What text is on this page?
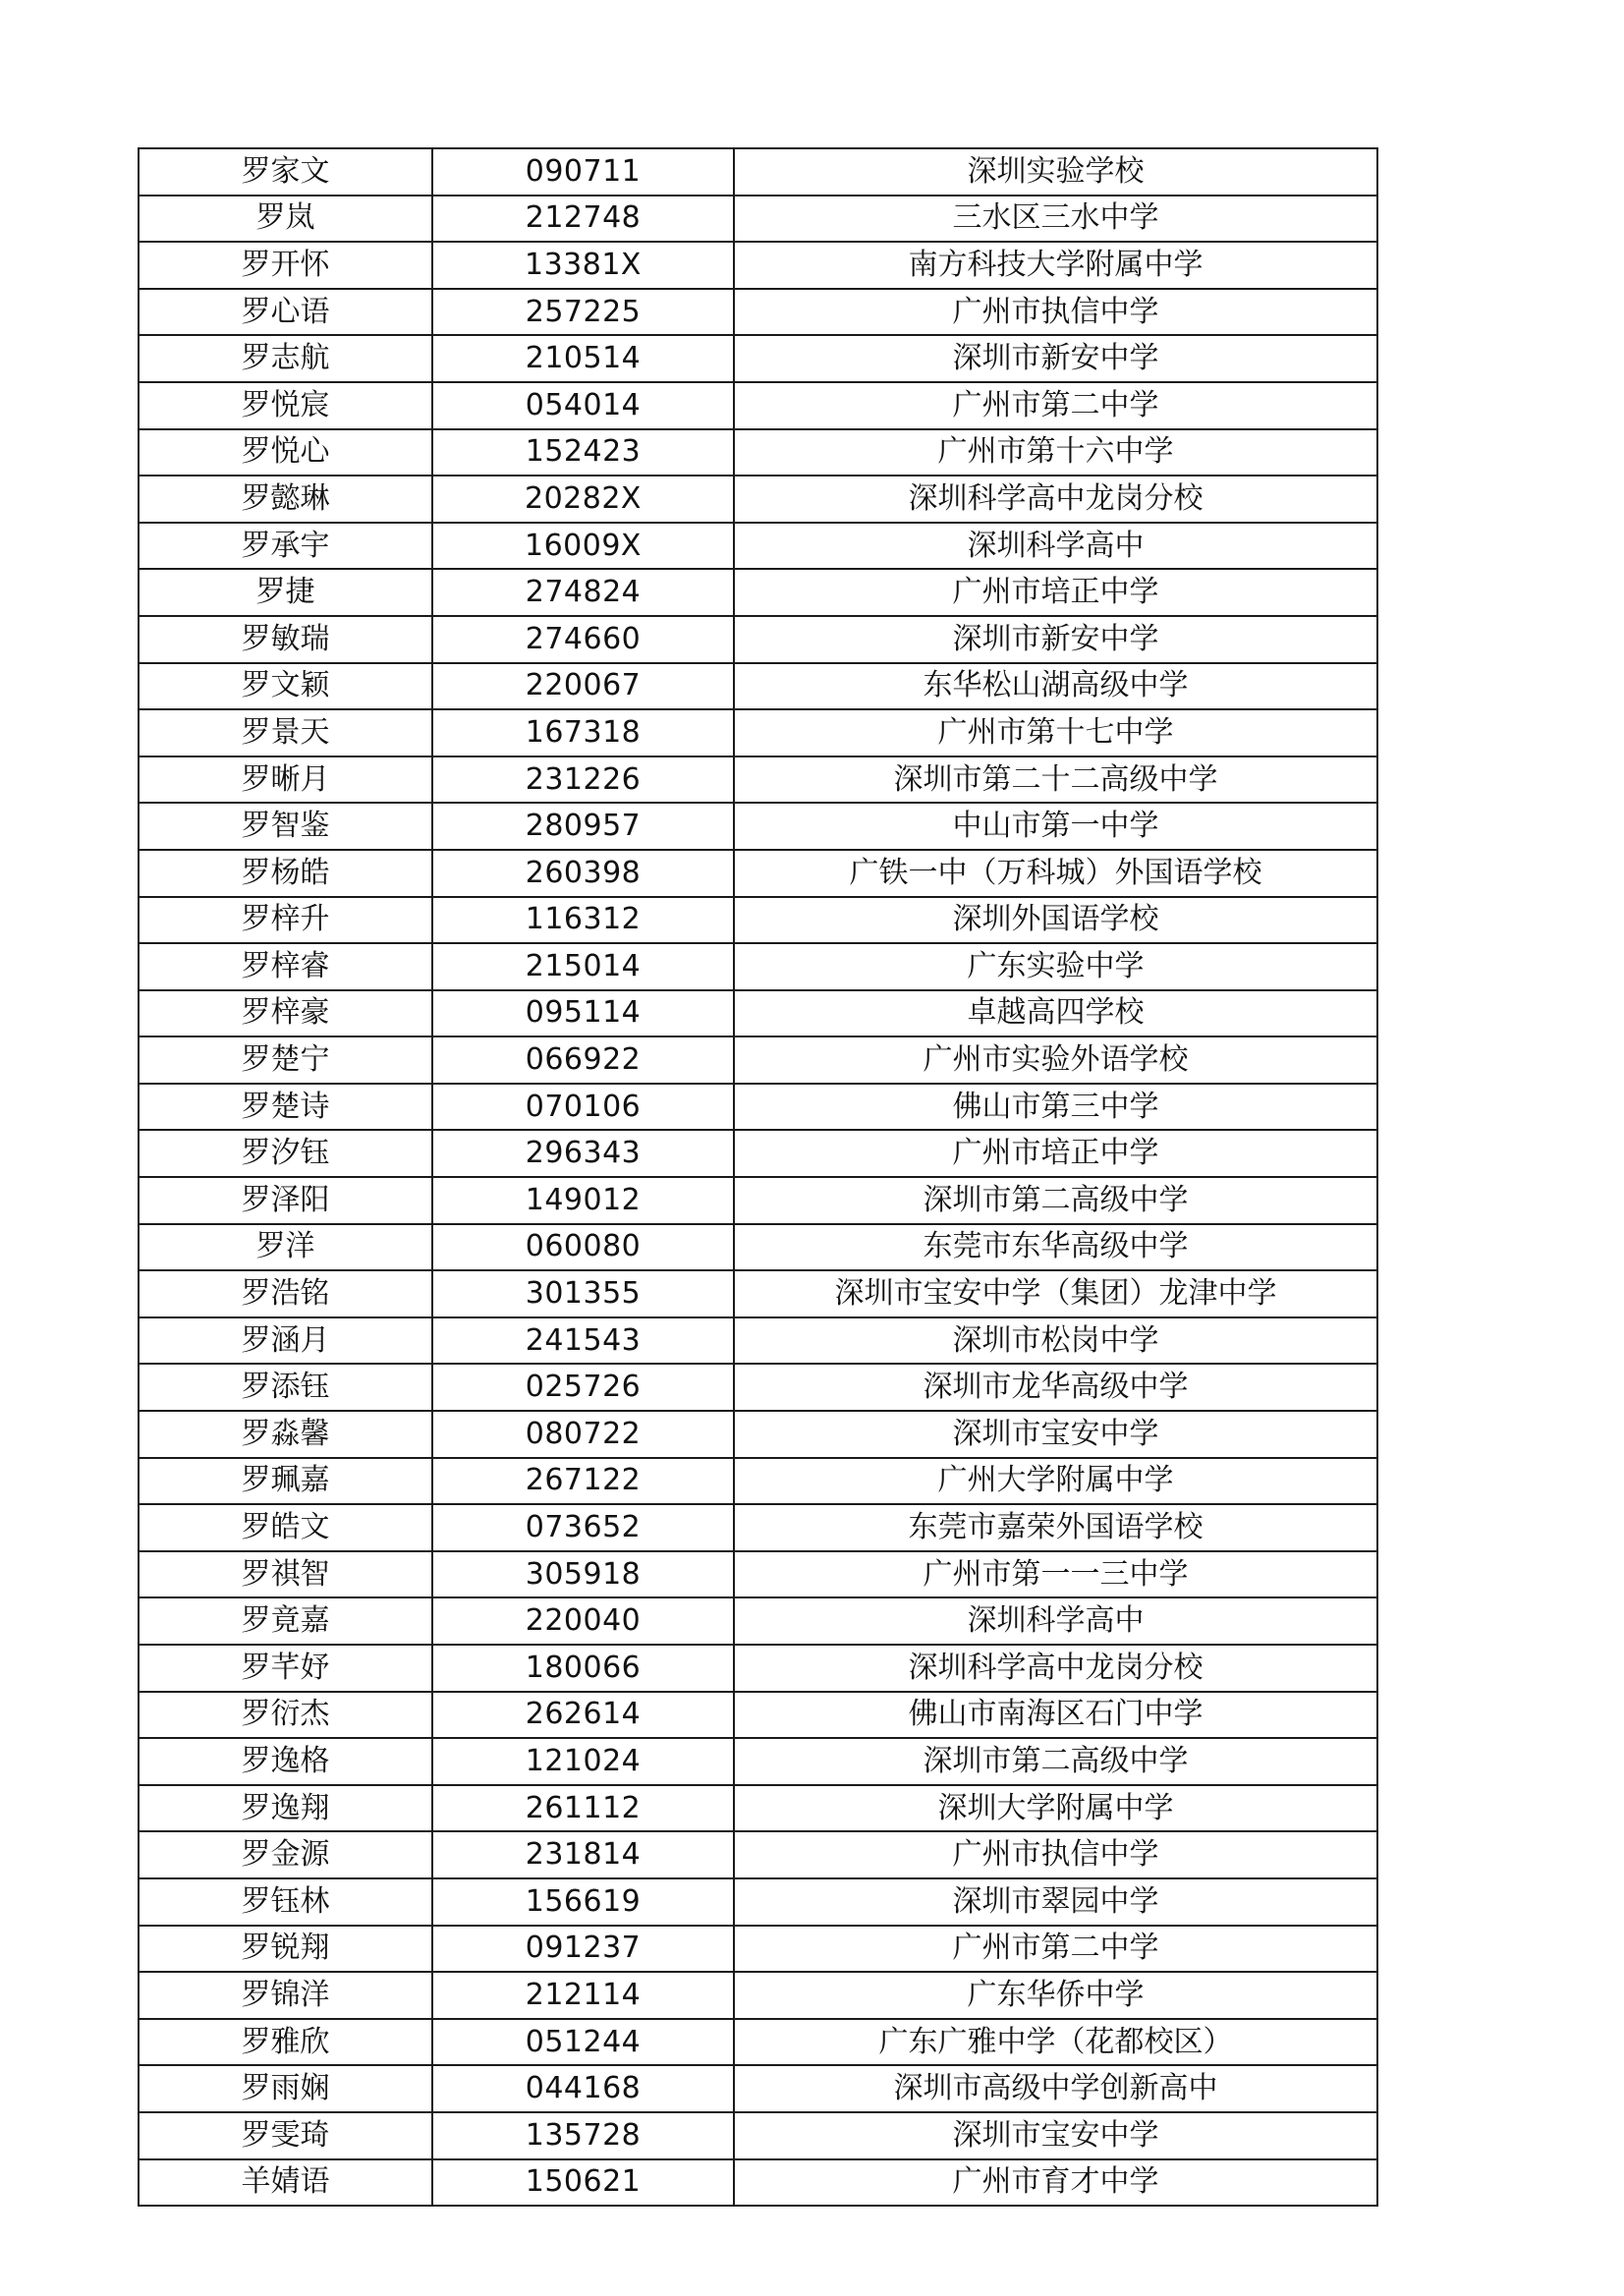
罗家文	090711	深圳实验学校
罗岚	212748	三水区三水中学
罗开怀	13381X	南方科技大学附属中学
罗心语	257225	广州市执信中学
罗志航	210514	深圳市新安中学
罗悦宸	054014	广州市第二中学
罗悦心	152423	广州市第十六中学
罗懿琳	20282X	深圳科学高中龙岗分校
罗承宇	16009X	深圳科学高中
罗捷	274824	广州市培正中学
罗敏瑞	274660	深圳市新安中学
罗文颖	220067	东华松山湖高级中学
罗景天	167318	广州市第十七中学
罗晰月	231226	深圳市第二十二高级中学
罗智鉴	280957	中山市第一中学
罗杨皓	260398	广铁一中（万科城）外国语学校
罗梓升	116312	深圳外国语学校
罗梓睿	215014	广东实验中学
罗梓豪	095114	卓越高四学校
罗楚宁	066922	广州市实验外语学校
罗楚诗	070106	佛山市第三中学
罗汐钰	296343	广州市培正中学
罗泽阳	149012	深圳市第二高级中学
罗洋	060080	东莞市东华高级中学
罗浩铭	301355	深圳市宝安中学（集团）龙津中学
罗涵月	241543	深圳市松岗中学
罗添钰	025726	深圳市龙华高级中学
罗淼馨	080722	深圳市宝安中学
罗珮嘉	267122	广州大学附属中学
罗皓文	073652	东莞市嘉荣外国语学校
罗祺智	305918	广州市第一一三中学
罗竟嘉	220040	深圳科学高中
罗芊妤	180066	深圳科学高中龙岗分校
罗衍杰	262614	佛山市南海区石门中学
罗逸格	121024	深圳市第二高级中学
罗逸翔	261112	深圳大学附属中学
罗金源	231814	广州市执信中学
罗钰林	156619	深圳市翠园中学
罗锐翔	091237	广州市第二中学
罗锦洋	212114	广东华侨中学
罗雅欣	051244	广东广雅中学（花都校区）
罗雨娴	044168	深圳市高级中学创新高中
罗雯琦	135728	深圳市宝安中学
羊婧语	150621	广州市育才中学
